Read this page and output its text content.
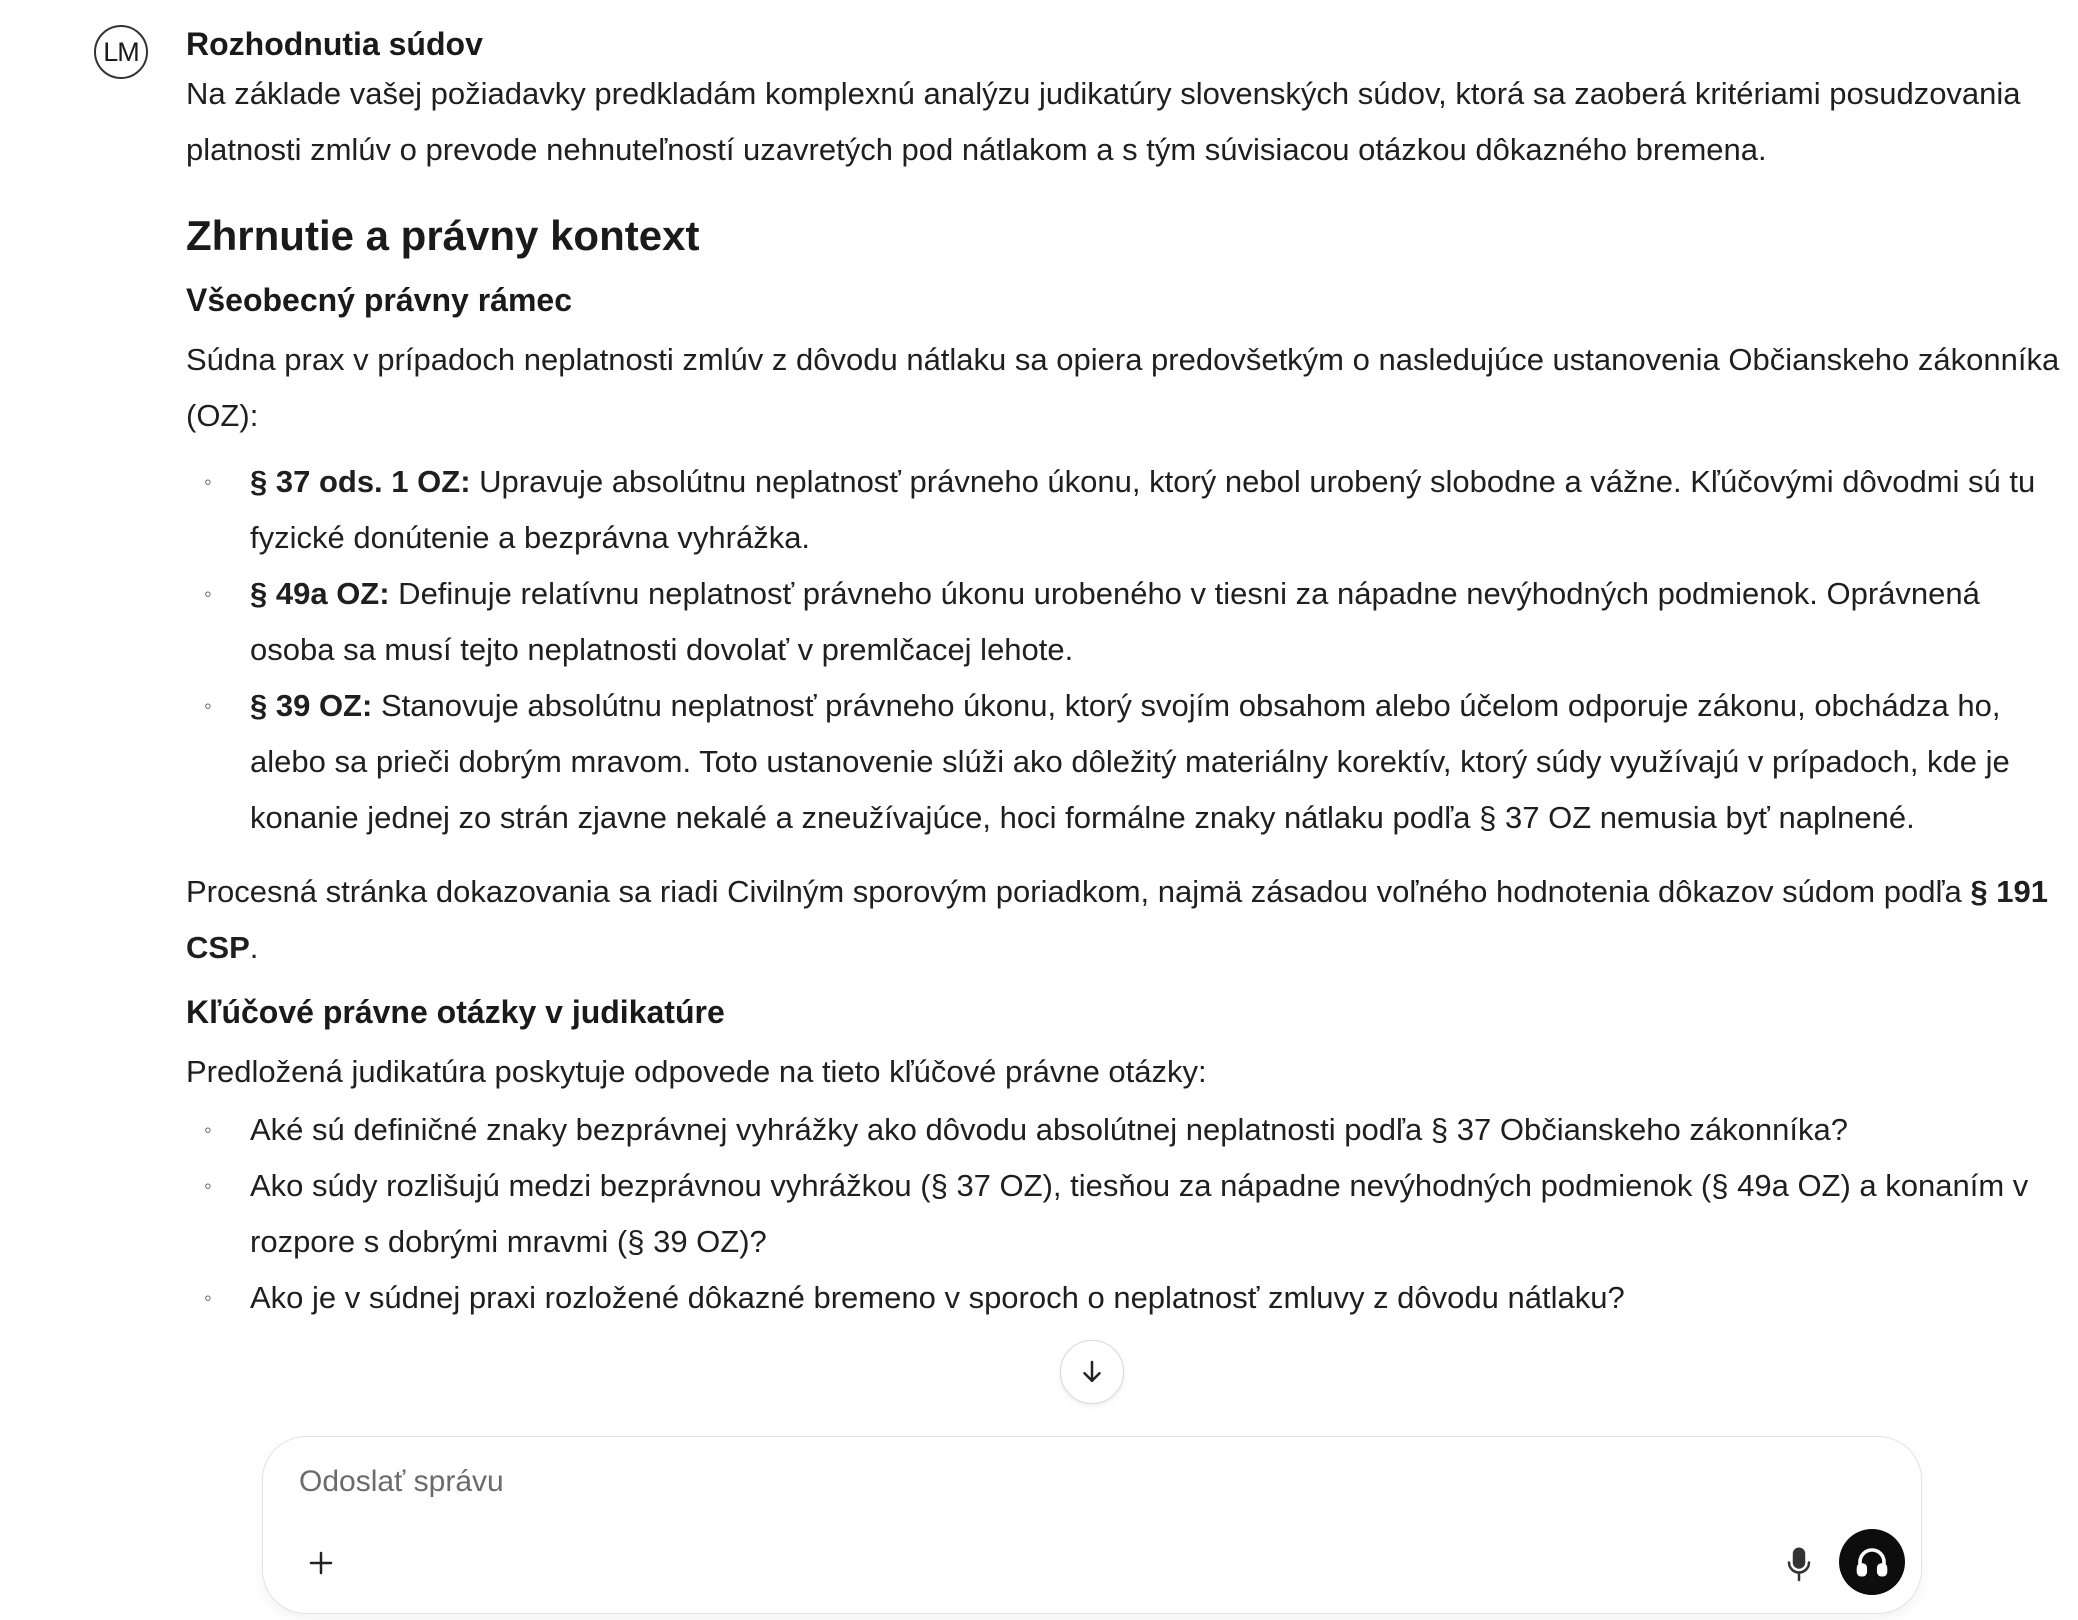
LM Rozhodnutia súdov

Na základe vašej požiadavky predkladám komplexnú analýzu judikatúry slovenských súdov, ktorá sa zaoberá kritériami posudzovania platnosti zmlúv o prevode nehnuteľností uzavretých pod nátlakom a s tým súvisiacou otázkou dôkazného bremena.

Zhrnutie a právny kontext
Všeobecný právny rámec

Súdna prax v prípadoch neplatnosti zmlúv z dôvodu nátlaku sa opiera predovšetkým o nasledujúce ustanovenia Občianskeho zákonníka (OZ):

◦ § 37 ods. 1 OZ: Upravuje absolútnu neplatnosť právneho úkonu, ktorý nebol urobený slobodne a vážne. Kľúčovými dôvodmi sú tu fyzické donútenie a bezprávna vyhrážka.
◦ § 49a OZ: Definuje relatívnu neplatnosť právneho úkonu urobeného v tiesni za nápadne nevýhodných podmienok. Oprávnená osoba sa musí tejto neplatnosti dovolať v premlčacej lehote.
◦ § 39 OZ: Stanovuje absolútnu neplatnosť právneho úkonu, ktorý svojím obsahom alebo účelom odporuje zákonu, obchádza ho, alebo sa prieči dobrým mravom. Toto ustanovenie slúži ako dôležitý materiálny korektív, ktorý súdy využívajú v prípadoch, kde je konanie jednej zo strán zjavne nekalé a zneužívajúce, hoci formálne znaky nátlaku podľa § 37 OZ nemusia byť naplnené.

Procesná stránka dokazovania sa riadi Civilným sporovým poriadkom, najmä zásadou voľného hodnotenia dôkazov súdom podľa § 191 CSP.

Kľúčové právne otázky v judikatúre

Predložená judikatúra poskytuje odpovede na tieto kľúčové právne otázky:

◦ Aké sú definičné znaky bezprávnej vyhrážky ako dôvodu absolútnej neplatnosti podľa § 37 Občianskeho zákonníka?
◦ Ako súdy rozlišujú medzi bezprávnou vyhrážkou (§ 37 OZ), tiesňou za nápadne nevýhodných podmienok (§ 49a OZ) a konaním v rozpore s dobrými mravmi (§ 39 OZ)?
◦ Ako je v súdnej praxi rozložené dôkazné bremeno v sporoch o neplatnosť zmluvy z dôvodu nátlaku?
Odoslať správu
